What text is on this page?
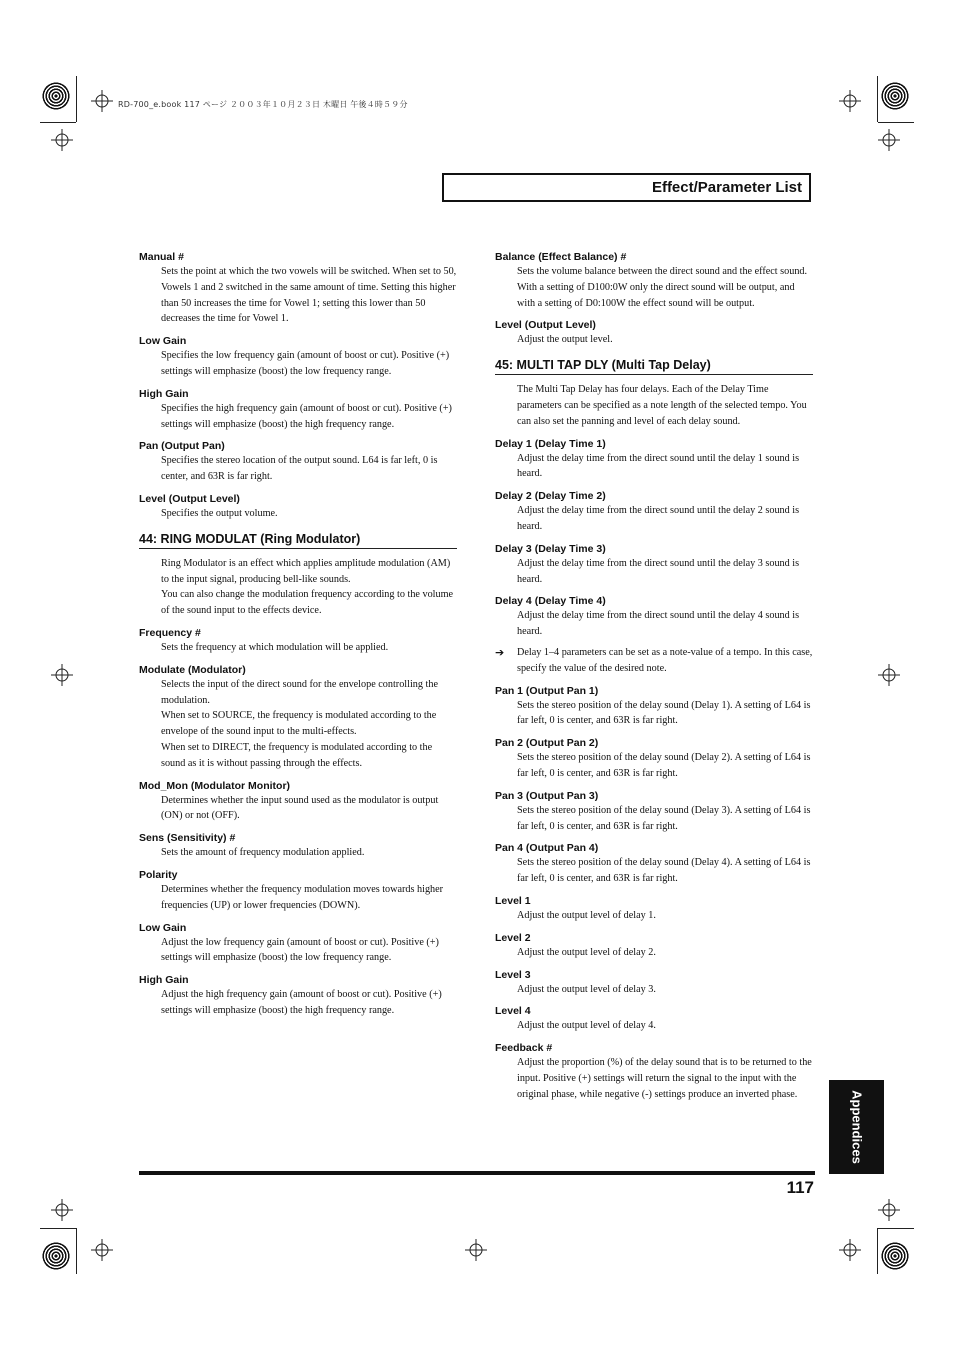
RD-700_e.book 117 ページ ２００３年１０月２３日 木曜日 午後４時５９分
Effect/Parameter List
Manual #
Sets the point at which the two vowels will be switched. When set to 50, Vowels 1 and 2 switched in the same amount of time. Setting this higher than 50 increases the time for Vowel 1; setting this lower than 50 decreases the time for Vowel 1.
Low Gain
Specifies the low frequency gain (amount of boost or cut). Positive (+) settings will emphasize (boost) the low frequency range.
High Gain
Specifies the high frequency gain (amount of boost or cut). Positive (+) settings will emphasize (boost) the high frequency range.
Pan (Output Pan)
Specifies the stereo location of the output sound. L64 is far left, 0 is center, and 63R is far right.
Level (Output Level)
Specifies the output volume.
44: RING MODULAT (Ring Modulator)
Ring Modulator is an effect which applies amplitude modulation (AM) to the input signal, producing bell-like sounds.
You can also change the modulation frequency according to the volume of the sound input to the effects device.
Frequency #
Sets the frequency at which modulation will be applied.
Modulate (Modulator)
Selects the input of the direct sound for the envelope controlling the modulation.
When set to SOURCE, the frequency is modulated according to the envelope of the sound input to the multi-effects.
When set to DIRECT, the frequency is modulated according to the sound as it is without passing through the effects.
Mod_Mon (Modulator Monitor)
Determines whether the input sound used as the modulator is output (ON) or not (OFF).
Sens (Sensitivity) #
Sets the amount of frequency modulation applied.
Polarity
Determines whether the frequency modulation moves towards higher frequencies (UP) or lower frequencies (DOWN).
Low Gain
Adjust the low frequency gain (amount of boost or cut). Positive (+) settings will emphasize (boost) the low frequency range.
High Gain
Adjust the high frequency gain (amount of boost or cut). Positive (+) settings will emphasize (boost) the high frequency range.
Balance (Effect Balance) #
Sets the volume balance between the direct sound and the effect sound.
With a setting of D100:0W only the direct sound will be output, and with a setting of D0:100W the effect sound will be output.
Level (Output Level)
Adjust the output level.
45: MULTI TAP DLY (Multi Tap Delay)
The Multi Tap Delay has four delays. Each of the Delay Time parameters can be specified as a note length of the selected tempo. You can also set the panning and level of each delay sound.
Delay 1 (Delay Time 1)
Adjust the delay time from the direct sound until the delay 1 sound is heard.
Delay 2 (Delay Time 2)
Adjust the delay time from the direct sound until the delay 2 sound is heard.
Delay 3 (Delay Time 3)
Adjust the delay time from the direct sound until the delay 3 sound is heard.
Delay 4 (Delay Time 4)
Adjust the delay time from the direct sound until the delay 4 sound is heard.
➔ Delay 1–4 parameters can be set as a note-value of a tempo. In this case, specify the value of the desired note.
Pan 1 (Output Pan 1)
Sets the stereo position of the delay sound (Delay 1). A setting of L64 is far left, 0 is center, and 63R is far right.
Pan 2 (Output Pan 2)
Sets the stereo position of the delay sound (Delay 2). A setting of L64 is far left, 0 is center, and 63R is far right.
Pan 3 (Output Pan 3)
Sets the stereo position of the delay sound (Delay 3). A setting of L64 is far left, 0 is center, and 63R is far right.
Pan 4 (Output Pan 4)
Sets the stereo position of the delay sound (Delay 4). A setting of L64 is far left, 0 is center, and 63R is far right.
Level 1
Adjust the output level of delay 1.
Level 2
Adjust the output level of delay 2.
Level 3
Adjust the output level of delay 3.
Level 4
Adjust the output level of delay 4.
Feedback #
Adjust the proportion (%) of the delay sound that is to be returned to the input. Positive (+) settings will return the signal to the input with the original phase, while negative (-) settings produce an inverted phase.	Appendices
117
